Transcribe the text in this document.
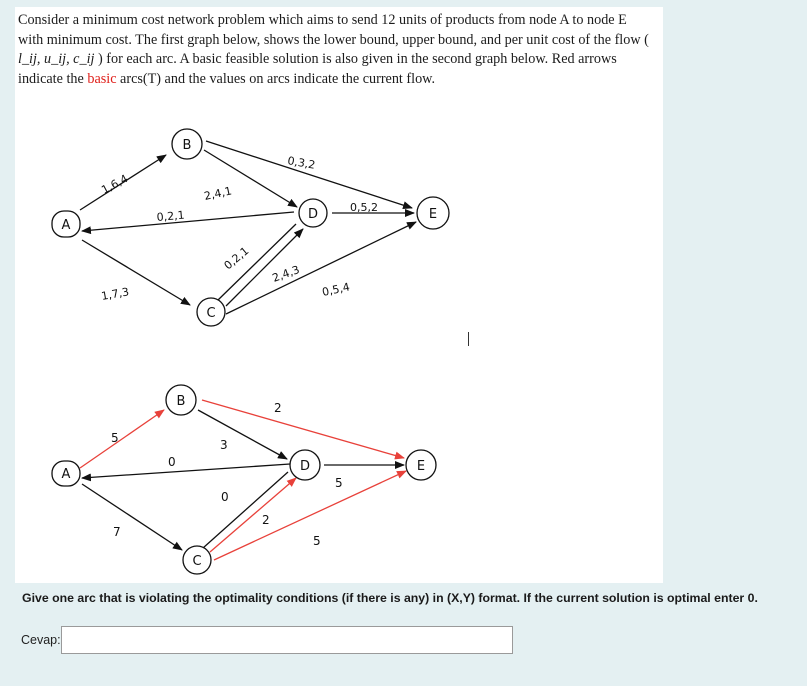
Consider a minimum cost network problem which aims to send 12 units of products from node A to node E with minimum cost. The first graph below, shows the lower bound, upper bound, and per unit cost of the flow ( l_ij, u_ij, c_ij ) for each arc. A basic feasible solution is also given in the second graph below. Red arrows indicate the basic arcs(T) and the values on arcs indicate the current flow.
A
B
C
D	E
1,6,4
1,7,3
0,2,1
2,4,1
0,3,2
0,2,1
2,4,3
0,5,2
0,5,4
A
B
C
D	E
5
7
0
3
2
0
2
5
5
Give one arc that is violating the optimality conditions (if there is any) in (X,Y) format. If the current solution is optimal enter 0.
Cevap:
